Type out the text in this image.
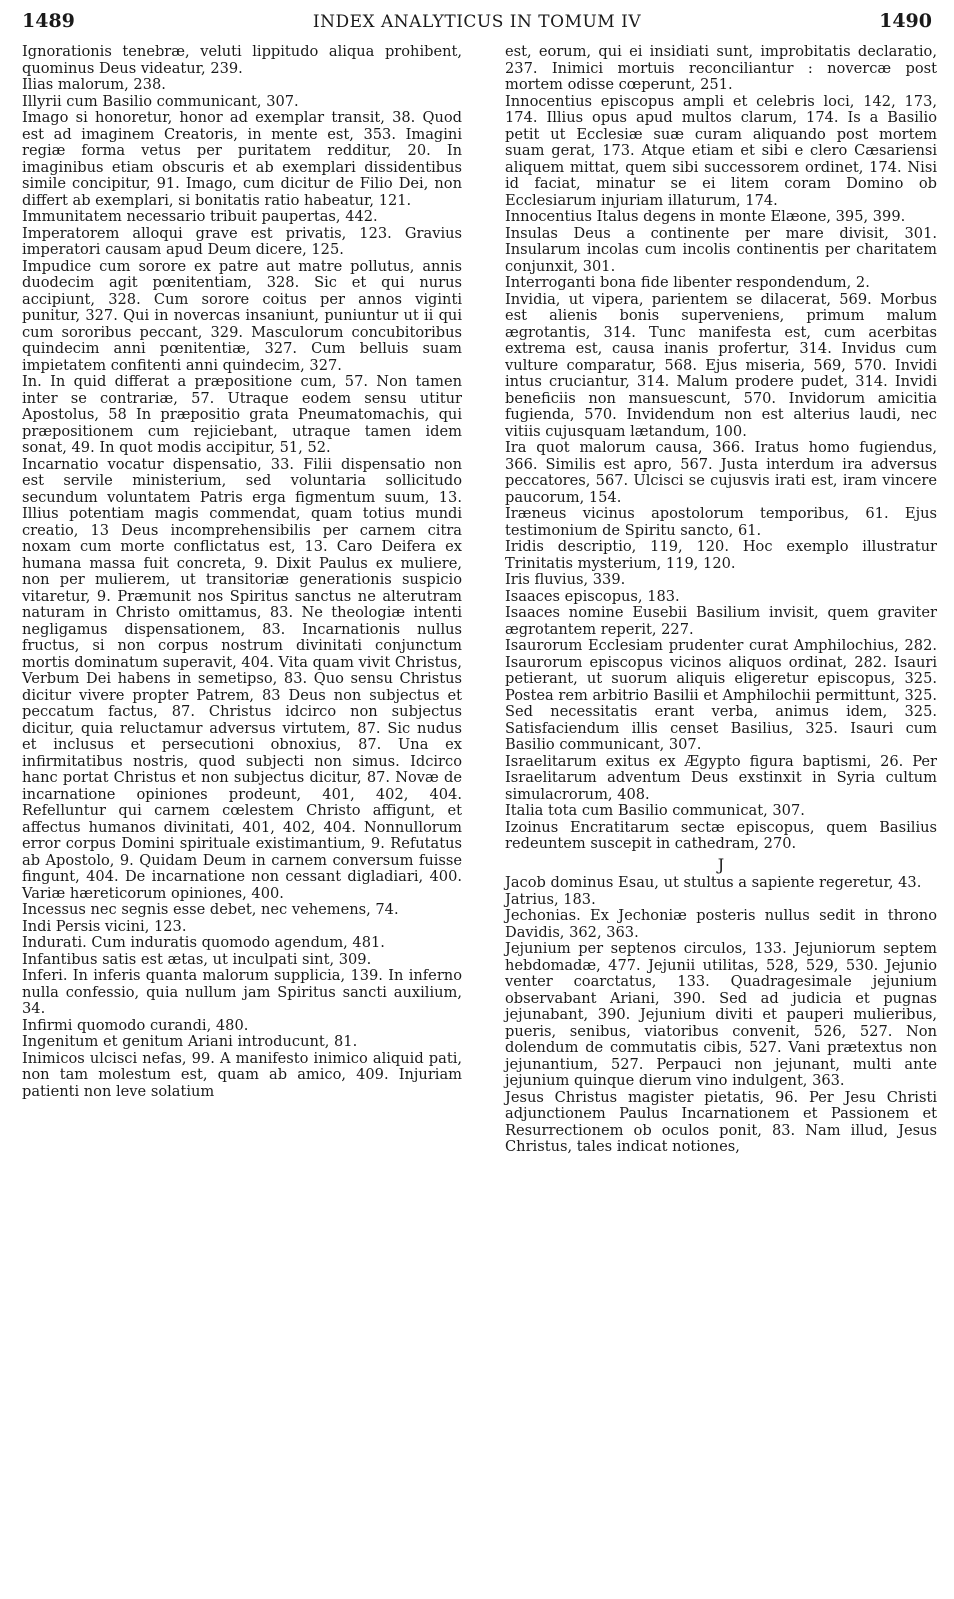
1489	INDEX ANALYTICUS IN TOMUM IV	1490

Ignorationis tenebræ, veluti lippitudo aliqua prohibent, quominus Deus videatur, 239.

Ilias malorum, 238.

Illyrii cum Basilio communicant, 307.

Imago si honoretur, honor ad exemplar transit, 38. Quod est ad imaginem Creatoris, in mente est, 353. Imagini regiæ forma vetus per puritatem redditur, 20. In imaginibus etiam obscuris et ab exemplari dissidentibus simile concipitur, 91. Imago, cum dicitur de Filio Dei, non differt ab exemplari, si bonitatis ratio habeatur, 121.

Immunitatem necessario tribuit paupertas, 442.

Imperatorem alloqui grave est privatis, 123. Gravius imperatori causam apud Deum dicere, 125.

Impudice cum sorore ex patre aut matre pollutus, annis duodecim agit pœnitentiam, 328. Sic et qui nurus accipiunt, 328. Cum sorore coitus per annos viginti punitur, 327. Qui in novercas insaniunt, puniuntur ut ii qui cum sororibus peccant, 329. Masculorum concubitoribus quindecim anni pœnitentiæ, 327. Cum belluis suam impietatem confitenti anni quindecim, 327.

In. In quid differat a præpositione cum, 57. Non tamen inter se contrariæ, 57. Utraque eodem sensu utitur Apostolus, 58 In præpositio grata Pneumatomachis, qui præpositionem cum rejiciebant, utraque tamen idem sonat, 49. In quot modis accipitur, 51, 52.

Incarnatio vocatur dispensatio, 33. Filii dispensatio non est servile ministerium, sed voluntaria sollicitudo secundum voluntatem Patris erga figmentum suum, 13. Illius potentiam magis commendat, quam totius mundi creatio, 13 Deus incomprehensibilis per carnem citra noxam cum morte conflictatus est, 13. Caro Deifera ex humana massa fuit concreta, 9. Dixit Paulus ex muliere, non per mulierem, ut transitoriæ generationis suspicio vitaretur, 9. Præmunit nos Spiritus sanctus ne alterutram naturam in Christo omittamus, 83. Ne theologiæ intenti negligamus dispensationem, 83. Incarnationis nullus fructus, si non corpus nostrum divinitati conjunctum mortis dominatum superavit, 404. Vita quam vivit Christus, Verbum Dei habens in semetipso, 83. Quo sensu Christus dicitur vivere propter Patrem, 83 Deus non subjectus et peccatum factus, 87. Christus idcirco non subjectus dicitur, quia reluctamur adversus virtutem, 87. Sic nudus et inclusus et persecutioni obnoxius, 87. Una ex infirmitatibus nostris, quod subjecti non simus. Idcirco hanc portat Christus et non subjectus dicitur, 87. Novæ de incarnatione opiniones prodeunt, 401, 402, 404. Refelluntur qui carnem cœlestem Christo affigunt, et affectus humanos divinitati, 401, 402, 404. Nonnullorum error corpus Domini spirituale existimantium, 9. Refutatus ab Apostolo, 9. Quidam Deum in carnem conversum fuisse fingunt, 404. De incarnatione non cessant digladiari, 400. Variæ hæreticorum opiniones, 400.

Incessus nec segnis esse debet, nec vehemens, 74.

Indi Persis vicini, 123.

Indurati. Cum induratis quomodo agendum, 481.

Infantibus satis est ætas, ut inculpati sint, 309.

Inferi. In inferis quanta malorum supplicia, 139. In inferno nulla confessio, quia nullum jam Spiritus sancti auxilium, 34.

Infirmi quomodo curandi, 480.

Ingenitum et genitum Ariani introducunt, 81.

Inimicos ulcisci nefas, 99. A manifesto inimico aliquid pati, non tam molestum est, quam ab amico, 409. Injuriam patienti non leve solatium

est, eorum, qui ei insidiati sunt, improbitatis declaratio, 237. Inimici mortuis reconciliantur : novercæ post mortem odisse cœperunt, 251.

Innocentius episcopus ampli et celebris loci, 142, 173, 174. Illius opus apud multos clarum, 174. Is a Basilio petit ut Ecclesiæ suæ curam aliquando post mortem suam gerat, 173. Atque etiam et sibi e clero Cæsariensi aliquem mittat, quem sibi successorem ordinet, 174. Nisi id faciat, minatur se ei litem coram Domino ob Ecclesiarum injuriam illaturum, 174.

Innocentius Italus degens in monte Elæone, 395, 399.

Insulas Deus a continente per mare divisit, 301. Insularum incolas cum incolis continentis per charitatem conjunxit, 301.

Interroganti bona fide libenter respondendum, 2.

Invidia, ut vipera, parientem se dilacerat, 569. Morbus est alienis bonis superveniens, primum malum ægrotantis, 314. Tunc manifesta est, cum acerbitas extrema est, causa inanis profertur, 314. Invidus cum vulture comparatur, 568. Ejus miseria, 569, 570. Invidi intus cruciantur, 314. Malum prodere pudet, 314. Invidi beneficiis non mansuescunt, 570. Invidorum amicitia fugienda, 570. Invidendum non est alterius laudi, nec vitiis cujusquam lætandum, 100.

Ira quot malorum causa, 366. Iratus homo fugiendus, 366. Similis est apro, 567. Justa interdum ira adversus peccatores, 567. Ulcisci se cujusvis irati est, iram vincere paucorum, 154.

Iræneus vicinus apostolorum temporibus, 61. Ejus testimonium de Spiritu sancto, 61.

Iridis descriptio, 119, 120. Hoc exemplo illustratur Trinitatis mysterium, 119, 120.

Iris fluvius, 339.

Isaaces episcopus, 183.

Isaaces nomine Eusebii Basilium invisit, quem graviter ægrotantem reperit, 227.

Isaurorum Ecclesiam prudenter curat Amphilochius, 282. Isaurorum episcopus vicinos aliquos ordinat, 282. Isauri petierant, ut suorum aliquis eligeretur episcopus, 325. Postea rem arbitrio Basilii et Amphilochii permittunt, 325. Sed necessitatis erant verba, animus idem, 325. Satisfaciendum illis censet Basilius, 325. Isauri cum Basilio communicant, 307.

Israelitarum exitus ex Ægypto figura baptismi, 26. Per Israelitarum adventum Deus exstinxit in Syria cultum simulacrorum, 408.

Italia tota cum Basilio communicat, 307.

Izoinus Encratitarum sectæ episcopus, quem Basilius redeuntem suscepit in cathedram, 270.

J

Jacob dominus Esau, ut stultus a sapiente regeretur, 43.

Jatrius, 183.

Jechonias. Ex Jechoniæ posteris nullus sedit in throno Davidis, 362, 363.

Jejunium per septenos circulos, 133. Jejuniorum septem hebdomadæ, 477. Jejunii utilitas, 528, 529, 530. Jejunio venter coarctatus, 133. Quadragesimale jejunium observabant Ariani, 390. Sed ad judicia et pugnas jejunabant, 390. Jejunium diviti et pauperi mulieribus, pueris, senibus, viatoribus convenit, 526, 527. Non dolendum de commutatis cibis, 527. Vani prætextus non jejunantium, 527. Perpauci non jejunant, multi ante jejunium quinque dierum vino indulgent, 363.

Jesus Christus magister pietatis, 96. Per Jesu Christi adjunctionem Paulus Incarnationem et Passionem et Resurrectionem ob oculos ponit, 83. Nam illud, Jesus Christus, tales indicat notiones,
